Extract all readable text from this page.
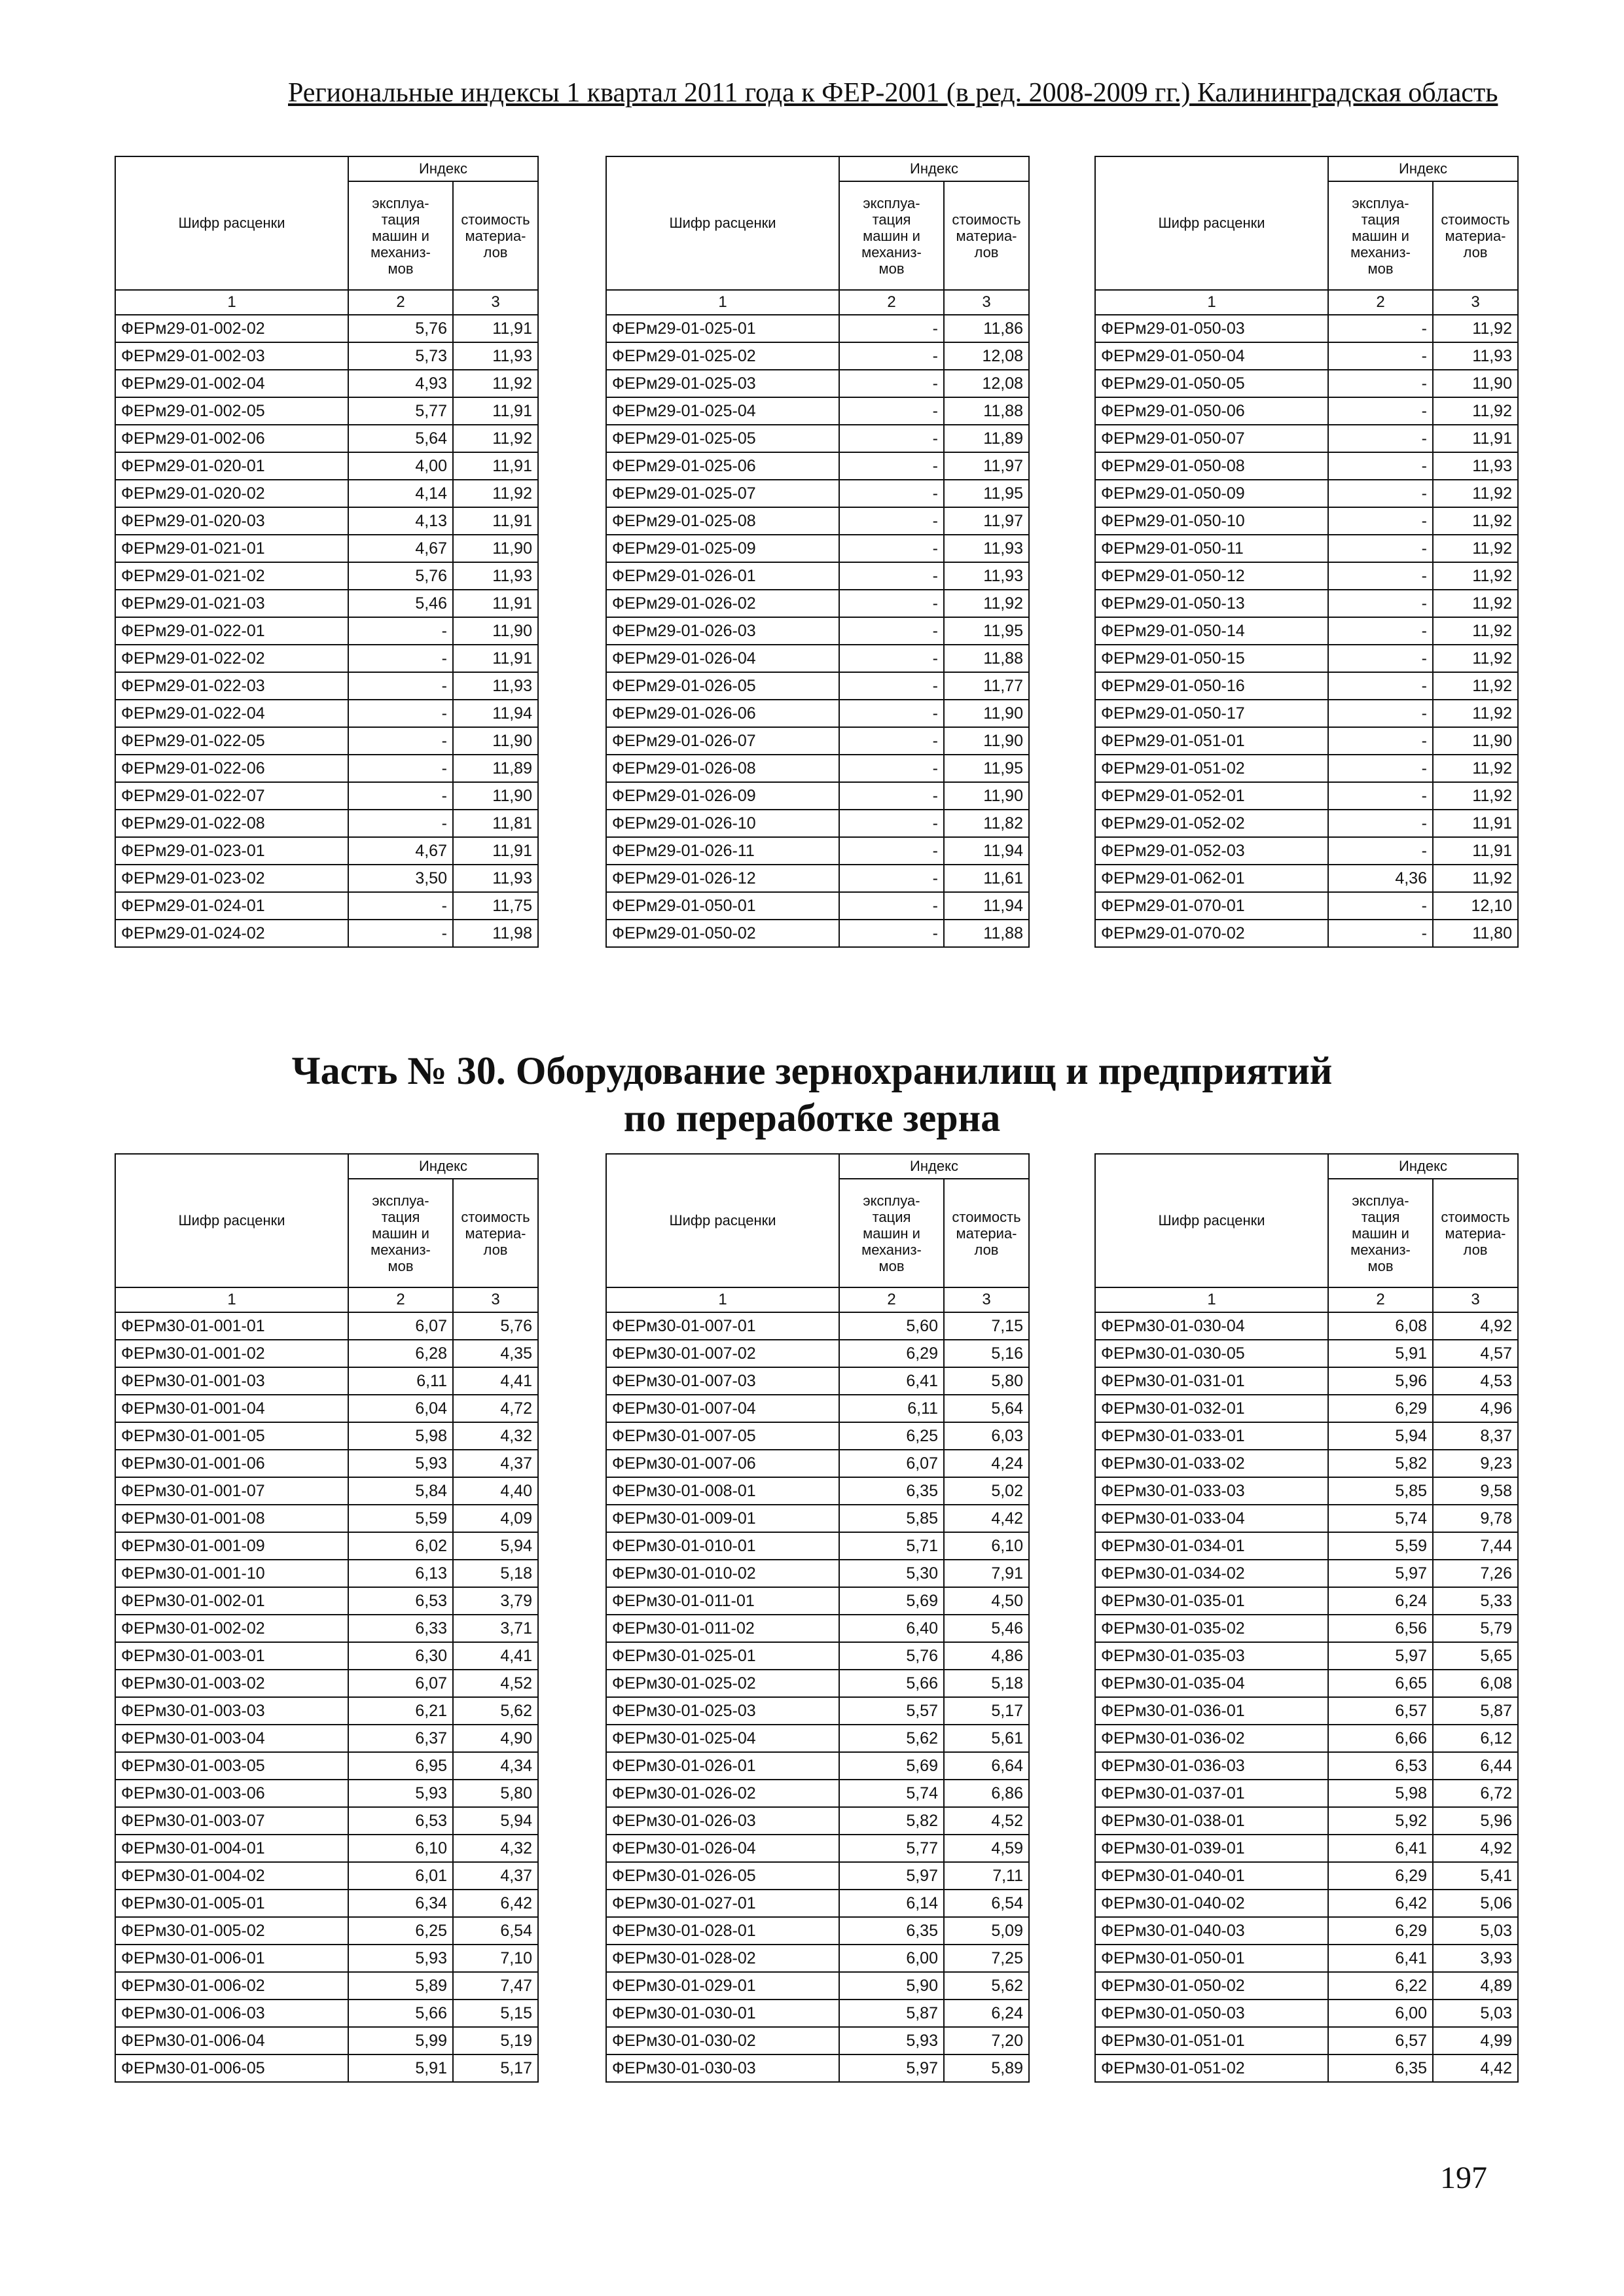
Региональные индексы 1 квартал 2011 года к ФЕР-2001 (в ред. 2008-2009 гг.) Калининградская область
Шифр расценки	Индекс	
	эксплуа-
тация
машин и
механиз-
мов	стоимость
материа-
лов
1	2	3
ФЕРм29-01-002-02	5,76	11,91
ФЕРм29-01-002-03	5,73	11,93
ФЕРм29-01-002-04	4,93	11,92
ФЕРм29-01-002-05	5,77	11,91
ФЕРм29-01-002-06	5,64	11,92
ФЕРм29-01-020-01	4,00	11,91
ФЕРм29-01-020-02	4,14	11,92
ФЕРм29-01-020-03	4,13	11,91
ФЕРм29-01-021-01	4,67	11,90
ФЕРм29-01-021-02	5,76	11,93
ФЕРм29-01-021-03	5,46	11,91
ФЕРм29-01-022-01	-	11,90
ФЕРм29-01-022-02	-	11,91
ФЕРм29-01-022-03	-	11,93
ФЕРм29-01-022-04	-	11,94
ФЕРм29-01-022-05	-	11,90
ФЕРм29-01-022-06	-	11,89
ФЕРм29-01-022-07	-	11,90
ФЕРм29-01-022-08	-	11,81
ФЕРм29-01-023-01	4,67	11,91
ФЕРм29-01-023-02	3,50	11,93
ФЕРм29-01-024-01	-	11,75
ФЕРм29-01-024-02	-	11,98
Шифр расценки	Индекс	
	эксплуа-
тация
машин и
механиз-
мов	стоимость
материа-
лов
1	2	3
ФЕРм29-01-025-01	-	11,86
ФЕРм29-01-025-02	-	12,08
ФЕРм29-01-025-03	-	12,08
ФЕРм29-01-025-04	-	11,88
ФЕРм29-01-025-05	-	11,89
ФЕРм29-01-025-06	-	11,97
ФЕРм29-01-025-07	-	11,95
ФЕРм29-01-025-08	-	11,97
ФЕРм29-01-025-09	-	11,93
ФЕРм29-01-026-01	-	11,93
ФЕРм29-01-026-02	-	11,92
ФЕРм29-01-026-03	-	11,95
ФЕРм29-01-026-04	-	11,88
ФЕРм29-01-026-05	-	11,77
ФЕРм29-01-026-06	-	11,90
ФЕРм29-01-026-07	-	11,90
ФЕРм29-01-026-08	-	11,95
ФЕРм29-01-026-09	-	11,90
ФЕРм29-01-026-10	-	11,82
ФЕРм29-01-026-11	-	11,94
ФЕРм29-01-026-12	-	11,61
ФЕРм29-01-050-01	-	11,94
ФЕРм29-01-050-02	-	11,88
Шифр расценки	Индекс	
	эксплуа-
тация
машин и
механиз-
мов	стоимость
материа-
лов
1	2	3
ФЕРм29-01-050-03	-	11,92
ФЕРм29-01-050-04	-	11,93
ФЕРм29-01-050-05	-	11,90
ФЕРм29-01-050-06	-	11,92
ФЕРм29-01-050-07	-	11,91
ФЕРм29-01-050-08	-	11,93
ФЕРм29-01-050-09	-	11,92
ФЕРм29-01-050-10	-	11,92
ФЕРм29-01-050-11	-	11,92
ФЕРм29-01-050-12	-	11,92
ФЕРм29-01-050-13	-	11,92
ФЕРм29-01-050-14	-	11,92
ФЕРм29-01-050-15	-	11,92
ФЕРм29-01-050-16	-	11,92
ФЕРм29-01-050-17	-	11,92
ФЕРм29-01-051-01	-	11,90
ФЕРм29-01-051-02	-	11,92
ФЕРм29-01-052-01	-	11,92
ФЕРм29-01-052-02	-	11,91
ФЕРм29-01-052-03	-	11,91
ФЕРм29-01-062-01	4,36	11,92
ФЕРм29-01-070-01	-	12,10
ФЕРм29-01-070-02	-	11,80
Часть № 30. Оборудование зернохранилищ и предприятий
по переработке зерна
Шифр расценки	Индекс	
	эксплуа-
тация
машин и
механиз-
мов	стоимость
материа-
лов
1	2	3
ФЕРм30-01-001-01	6,07	5,76
ФЕРм30-01-001-02	6,28	4,35
ФЕРм30-01-001-03	6,11	4,41
ФЕРм30-01-001-04	6,04	4,72
ФЕРм30-01-001-05	5,98	4,32
ФЕРм30-01-001-06	5,93	4,37
ФЕРм30-01-001-07	5,84	4,40
ФЕРм30-01-001-08	5,59	4,09
ФЕРм30-01-001-09	6,02	5,94
ФЕРм30-01-001-10	6,13	5,18
ФЕРм30-01-002-01	6,53	3,79
ФЕРм30-01-002-02	6,33	3,71
ФЕРм30-01-003-01	6,30	4,41
ФЕРм30-01-003-02	6,07	4,52
ФЕРм30-01-003-03	6,21	5,62
ФЕРм30-01-003-04	6,37	4,90
ФЕРм30-01-003-05	6,95	4,34
ФЕРм30-01-003-06	5,93	5,80
ФЕРм30-01-003-07	6,53	5,94
ФЕРм30-01-004-01	6,10	4,32
ФЕРм30-01-004-02	6,01	4,37
ФЕРм30-01-005-01	6,34	6,42
ФЕРм30-01-005-02	6,25	6,54
ФЕРм30-01-006-01	5,93	7,10
ФЕРм30-01-006-02	5,89	7,47
ФЕРм30-01-006-03	5,66	5,15
ФЕРм30-01-006-04	5,99	5,19
ФЕРм30-01-006-05	5,91	5,17
Шифр расценки	Индекс	
	эксплуа-
тация
машин и
механиз-
мов	стоимость
материа-
лов
1	2	3
ФЕРм30-01-007-01	5,60	7,15
ФЕРм30-01-007-02	6,29	5,16
ФЕРм30-01-007-03	6,41	5,80
ФЕРм30-01-007-04	6,11	5,64
ФЕРм30-01-007-05	6,25	6,03
ФЕРм30-01-007-06	6,07	4,24
ФЕРм30-01-008-01	6,35	5,02
ФЕРм30-01-009-01	5,85	4,42
ФЕРм30-01-010-01	5,71	6,10
ФЕРм30-01-010-02	5,30	7,91
ФЕРм30-01-011-01	5,69	4,50
ФЕРм30-01-011-02	6,40	5,46
ФЕРм30-01-025-01	5,76	4,86
ФЕРм30-01-025-02	5,66	5,18
ФЕРм30-01-025-03	5,57	5,17
ФЕРм30-01-025-04	5,62	5,61
ФЕРм30-01-026-01	5,69	6,64
ФЕРм30-01-026-02	5,74	6,86
ФЕРм30-01-026-03	5,82	4,52
ФЕРм30-01-026-04	5,77	4,59
ФЕРм30-01-026-05	5,97	7,11
ФЕРм30-01-027-01	6,14	6,54
ФЕРм30-01-028-01	6,35	5,09
ФЕРм30-01-028-02	6,00	7,25
ФЕРм30-01-029-01	5,90	5,62
ФЕРм30-01-030-01	5,87	6,24
ФЕРм30-01-030-02	5,93	7,20
ФЕРм30-01-030-03	5,97	5,89
Шифр расценки	Индекс	
	эксплуа-
тация
машин и
механиз-
мов	стоимость
материа-
лов
1	2	3
ФЕРм30-01-030-04	6,08	4,92
ФЕРм30-01-030-05	5,91	4,57
ФЕРм30-01-031-01	5,96	4,53
ФЕРм30-01-032-01	6,29	4,96
ФЕРм30-01-033-01	5,94	8,37
ФЕРм30-01-033-02	5,82	9,23
ФЕРм30-01-033-03	5,85	9,58
ФЕРм30-01-033-04	5,74	9,78
ФЕРм30-01-034-01	5,59	7,44
ФЕРм30-01-034-02	5,97	7,26
ФЕРм30-01-035-01	6,24	5,33
ФЕРм30-01-035-02	6,56	5,79
ФЕРм30-01-035-03	5,97	5,65
ФЕРм30-01-035-04	6,65	6,08
ФЕРм30-01-036-01	6,57	5,87
ФЕРм30-01-036-02	6,66	6,12
ФЕРм30-01-036-03	6,53	6,44
ФЕРм30-01-037-01	5,98	6,72
ФЕРм30-01-038-01	5,92	5,96
ФЕРм30-01-039-01	6,41	4,92
ФЕРм30-01-040-01	6,29	5,41
ФЕРм30-01-040-02	6,42	5,06
ФЕРм30-01-040-03	6,29	5,03
ФЕРм30-01-050-01	6,41	3,93
ФЕРм30-01-050-02	6,22	4,89
ФЕРм30-01-050-03	6,00	5,03
ФЕРм30-01-051-01	6,57	4,99
ФЕРм30-01-051-02	6,35	4,42
197
